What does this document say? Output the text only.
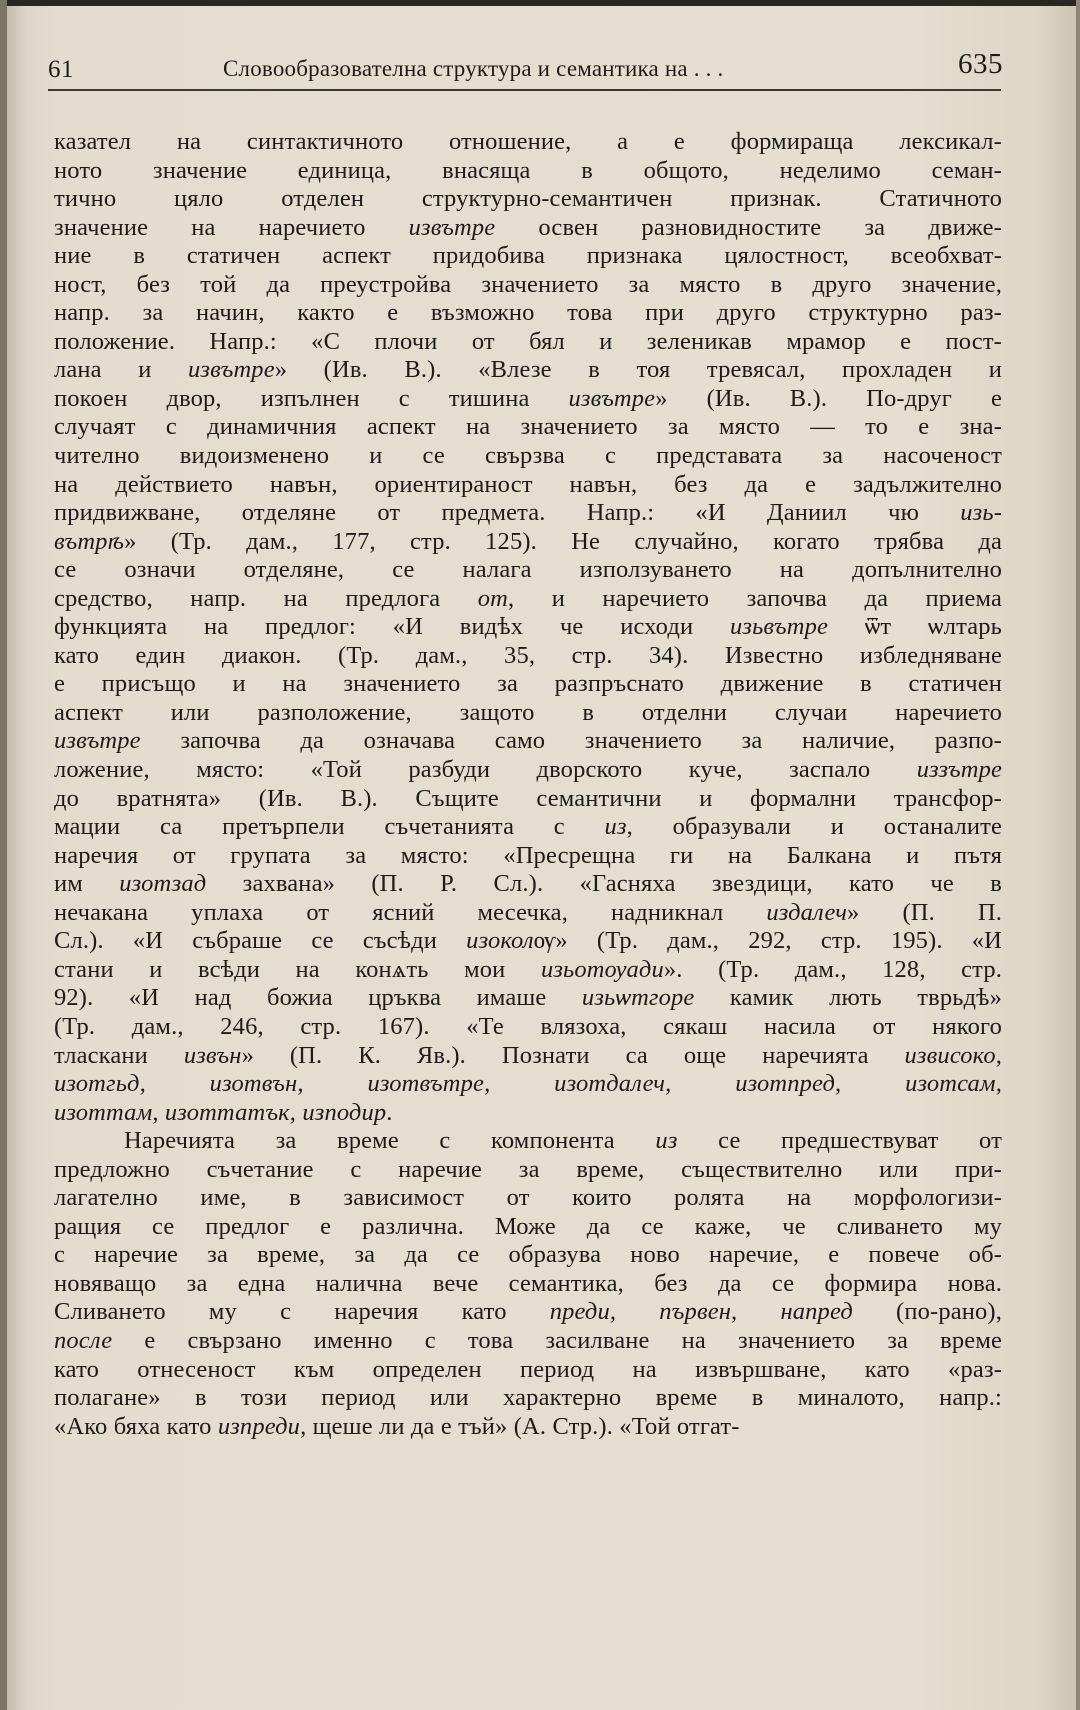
61	Словообразователна структура и семантика на . . .	635
казател на синтактичното отношение, а е формираща лексикал-
ното значение единица, внасяща в общото, неделимо семан-
тично цяло отделен структурно-семантичен признак. Статичното
значение на наречието извътре освен разновидностите за движе-
ние в статичен аспект придобива признака цялостност, всеобхват-
ност, без той да преустройва значението за място в друго значение,
напр. за начин, както е възможно това при друго структурно раз-
положение. Напр.: «С плочи от бял и зеленикав мрамор е пост-
лана и извътре» (Ив. В.). «Влезе в тоя тревясал, прохладен и
покоен двор, изпълнен с тишина извътре» (Ив. В.). По-друг е
случаят с динамичния аспект на значението за място — то е зна-
чително видоизменено и се свързва с представата за насоченост
на действието навън, ориентираност навън, без да е задължително
придвижване, отделяне от предмета. Напр.: «И Даниил чю изь-
вътрѣ» (Тр. дам., 177, стр. 125). Не случайно, когато трябва да
се означи отделяне, се налага използуването на допълнително
средство, напр. на предлога от, и наречието започва да приема
функцията на предлог: «И видѣх че исходи изьвътре ѿт ѡлтарь
като един диакон. (Тр. дам., 35, стр. 34). Известно избледняване
е присъщо и на значението за разпръснато движение в статичен
аспект или разположение, защото в отделни случаи наречието
извътре започва да означава само значението за наличие, разпо-
ложение, място: «Той разбуди дворското куче, заспало иззътре
до вратнята» (Ив. В.). Същите семантични и формални трансфор-
мации са претърпели съчетанията с из, образували и останалите
наречия от групата за място: «Пресрещна ги на Балкана и пътя
им изотзад захвана» (П. Р. Сл.). «Гасняха звездици, като че в
нечакана уплаха от ясний месечка, надникнал издалеч» (П. П.
Сл.). «И събраше се съсѣди изоколѹ» (Тр. дам., 292, стр. 195). «И
стани и всѣди на конѧть мои изьотѹади». (Тр. дам., 128, стр.
92). «И над божиа цръква имаше изьѡтгоре камик лють тврьдѣ»
(Тр. дам., 246, стр. 167). «Те влязоха, сякаш насила от някого
тласкани извън» (П. К. Яв.). Познати са още наречията извисоко,
изотгьд, изотвън, изотвътре, изотдалеч, изотпред, изотсам,
изоттам, изоттатък, изподир.
Наречията за време с компонента из се предшествуват от
предложно съчетание с наречие за време, съществително или при-
лагателно име, в зависимост от които ролята на морфологизи-
ращия се предлог е различна. Може да се каже, че сливането му
с наречие за време, за да се образува ново наречие, е повече об-
новяващо за една налична вече семантика, без да се формира нова.
Сливането му с наречия като преди, първен, напред (по-рано),
после е свързано именно с това засилване на значението за време
като отнесеност към определен период на извършване, като «раз-
полагане» в този период или характерно време в миналото, напр.:
«Ако бяха като изпреди, щеше ли да е тъй» (А. Стр.). «Той отгат-
